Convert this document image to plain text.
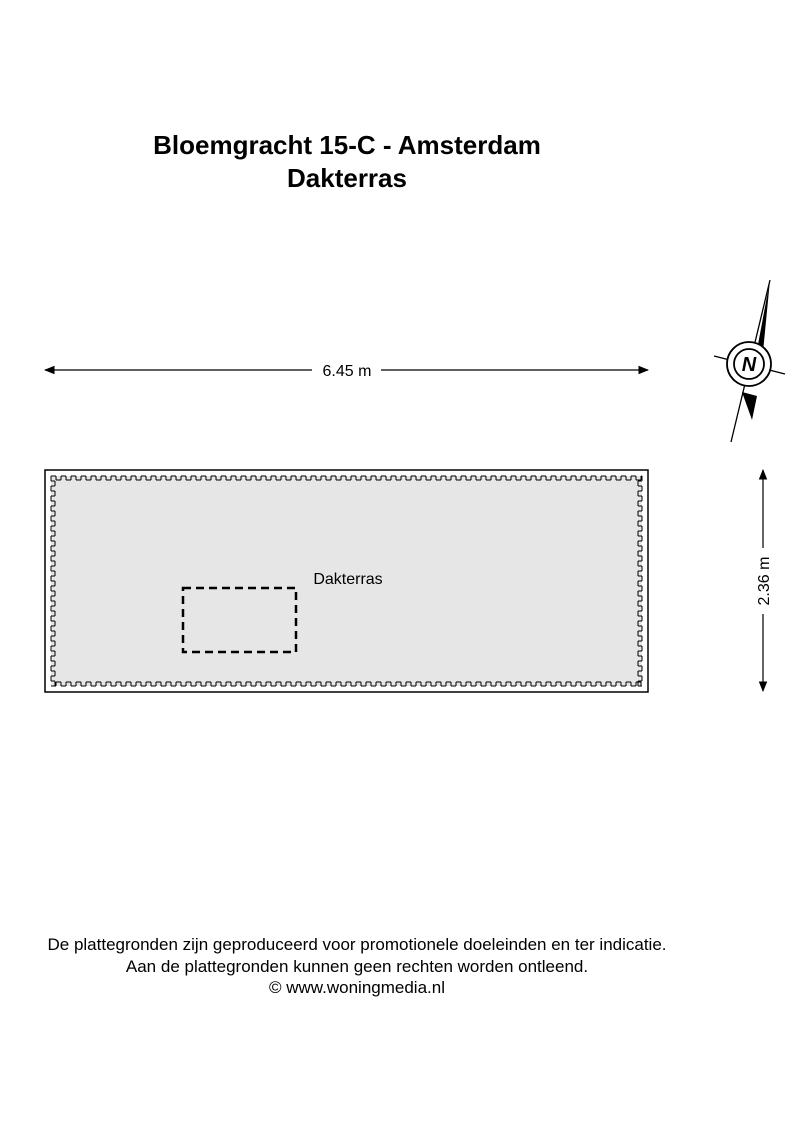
Bloemgracht 15-C - Amsterdam
Dakterras
6.45 m
2.36 m
Dakterras
N
De plattegronden zijn geproduceerd voor promotionele doeleinden en ter indicatie.
Aan de plattegronden kunnen geen rechten worden ontleend.
© www.woningmedia.nl
